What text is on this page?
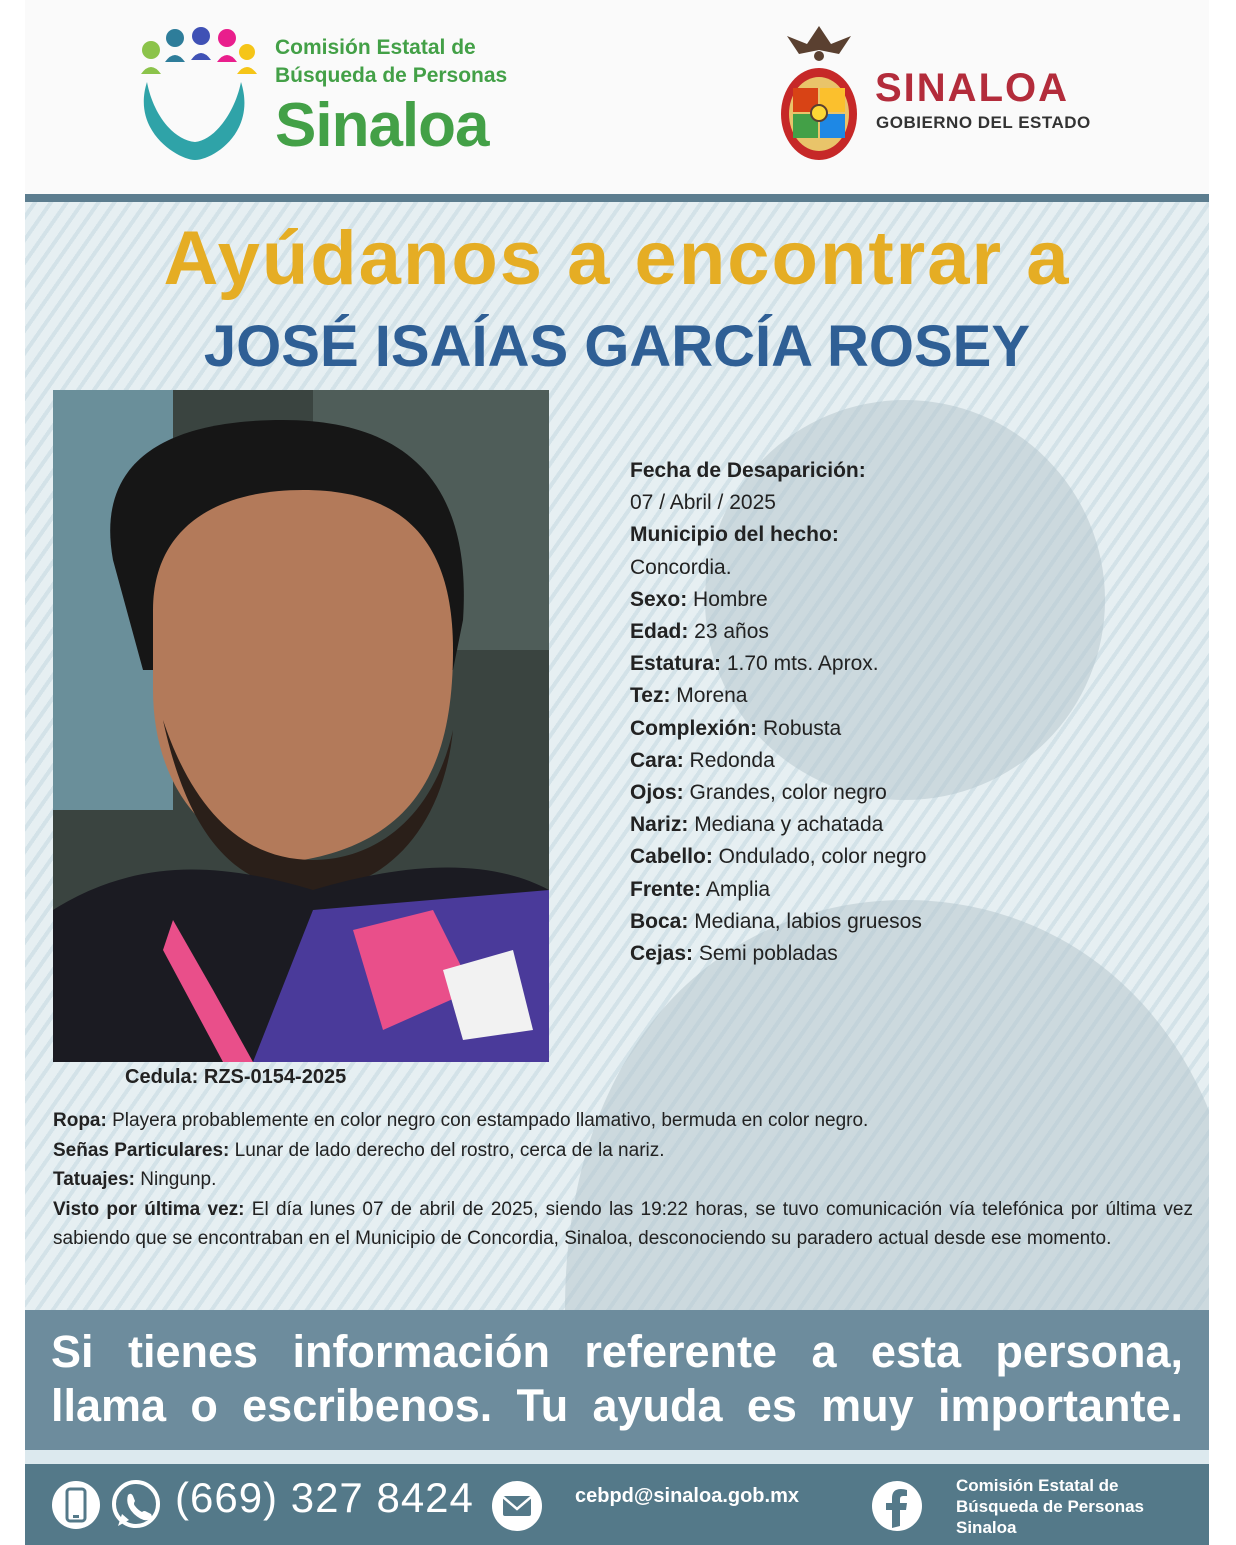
Comisión Estatal de
Búsqueda de Personas
Sinaloa
SINALOA
GOBIERNO DEL ESTADO
Ayúdanos a encontrar a
JOSÉ ISAÍAS GARCÍA ROSEY
Fecha de Desaparición:
07 / Abril / 2025
Municipio del hecho:
Concordia.
Sexo: Hombre
Edad: 23 años
Estatura: 1.70 mts. Aprox.
Tez: Morena
Complexión: Robusta
Cara: Redonda
Ojos: Grandes, color negro
Nariz: Mediana y achatada
Cabello: Ondulado, color negro
Frente: Amplia
Boca: Mediana, labios gruesos
Cejas: Semi pobladas
Cedula: RZS-0154-2025
Ropa: Playera probablemente en color negro con estampado llamativo, bermuda en color negro.
Señas Particulares: Lunar de lado derecho del rostro, cerca de la nariz.
Tatuajes: Ningunp.
Visto por última vez: El día lunes 07 de abril de 2025, siendo las 19:22 horas, se tuvo comunicación vía telefónica por última vez sabiendo que se encontraban en el Municipio de Concordia, Sinaloa, desconociendo su paradero actual desde ese momento.
Si tienes información referente a esta persona,
llama o escribenos. Tu ayuda es muy importante.
(669) 327 8424	cebpd@sinaloa.gob.mx	Comisión Estatal de
Búsqueda de Personas
Sinaloa
